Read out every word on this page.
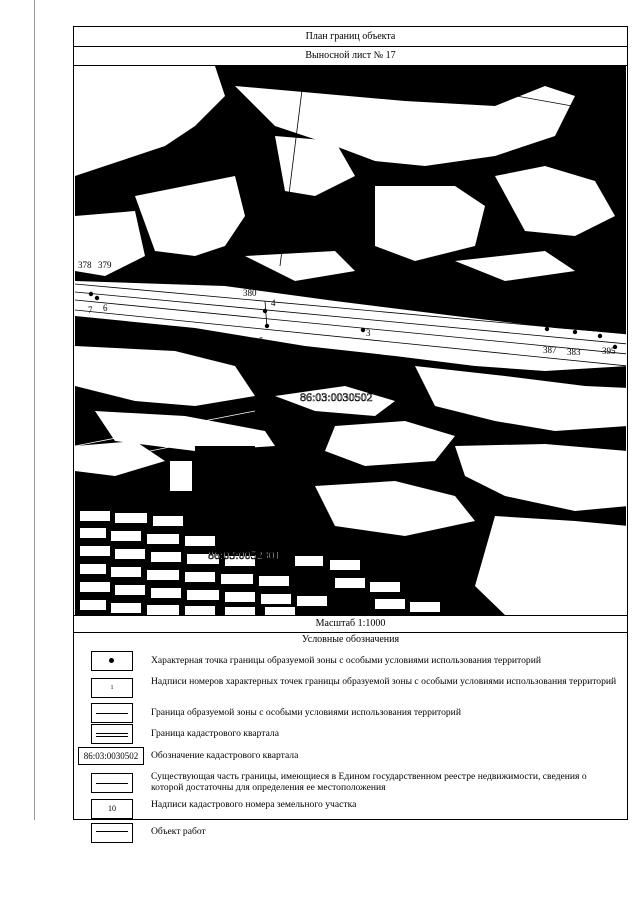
План границ объекта
Выносной лист № 17
378 379
7 6
380
4
5
382
3
389
390 391
387 383 395
86:03:0030502
86:03:0052301
Масштаб 1:1000
Условные обозначения
Характерная точка границы образуемой зоны с особыми условиями использования территорий
1
Надписи номеров характерных точек границы образуемой зоны с особыми условиями использования территорий
Граница образуемой зоны с особыми условиями использования территорий
Граница кадастрового квартала
86:03:0030502	Обозначение кадастрового квартала
Существующая часть границы, имеющиеся в Едином государственном реестре недвижимости, сведения о которой достаточны для определения ее местоположения
10	Надписи кадастрового номера земельного участка
Объект работ
